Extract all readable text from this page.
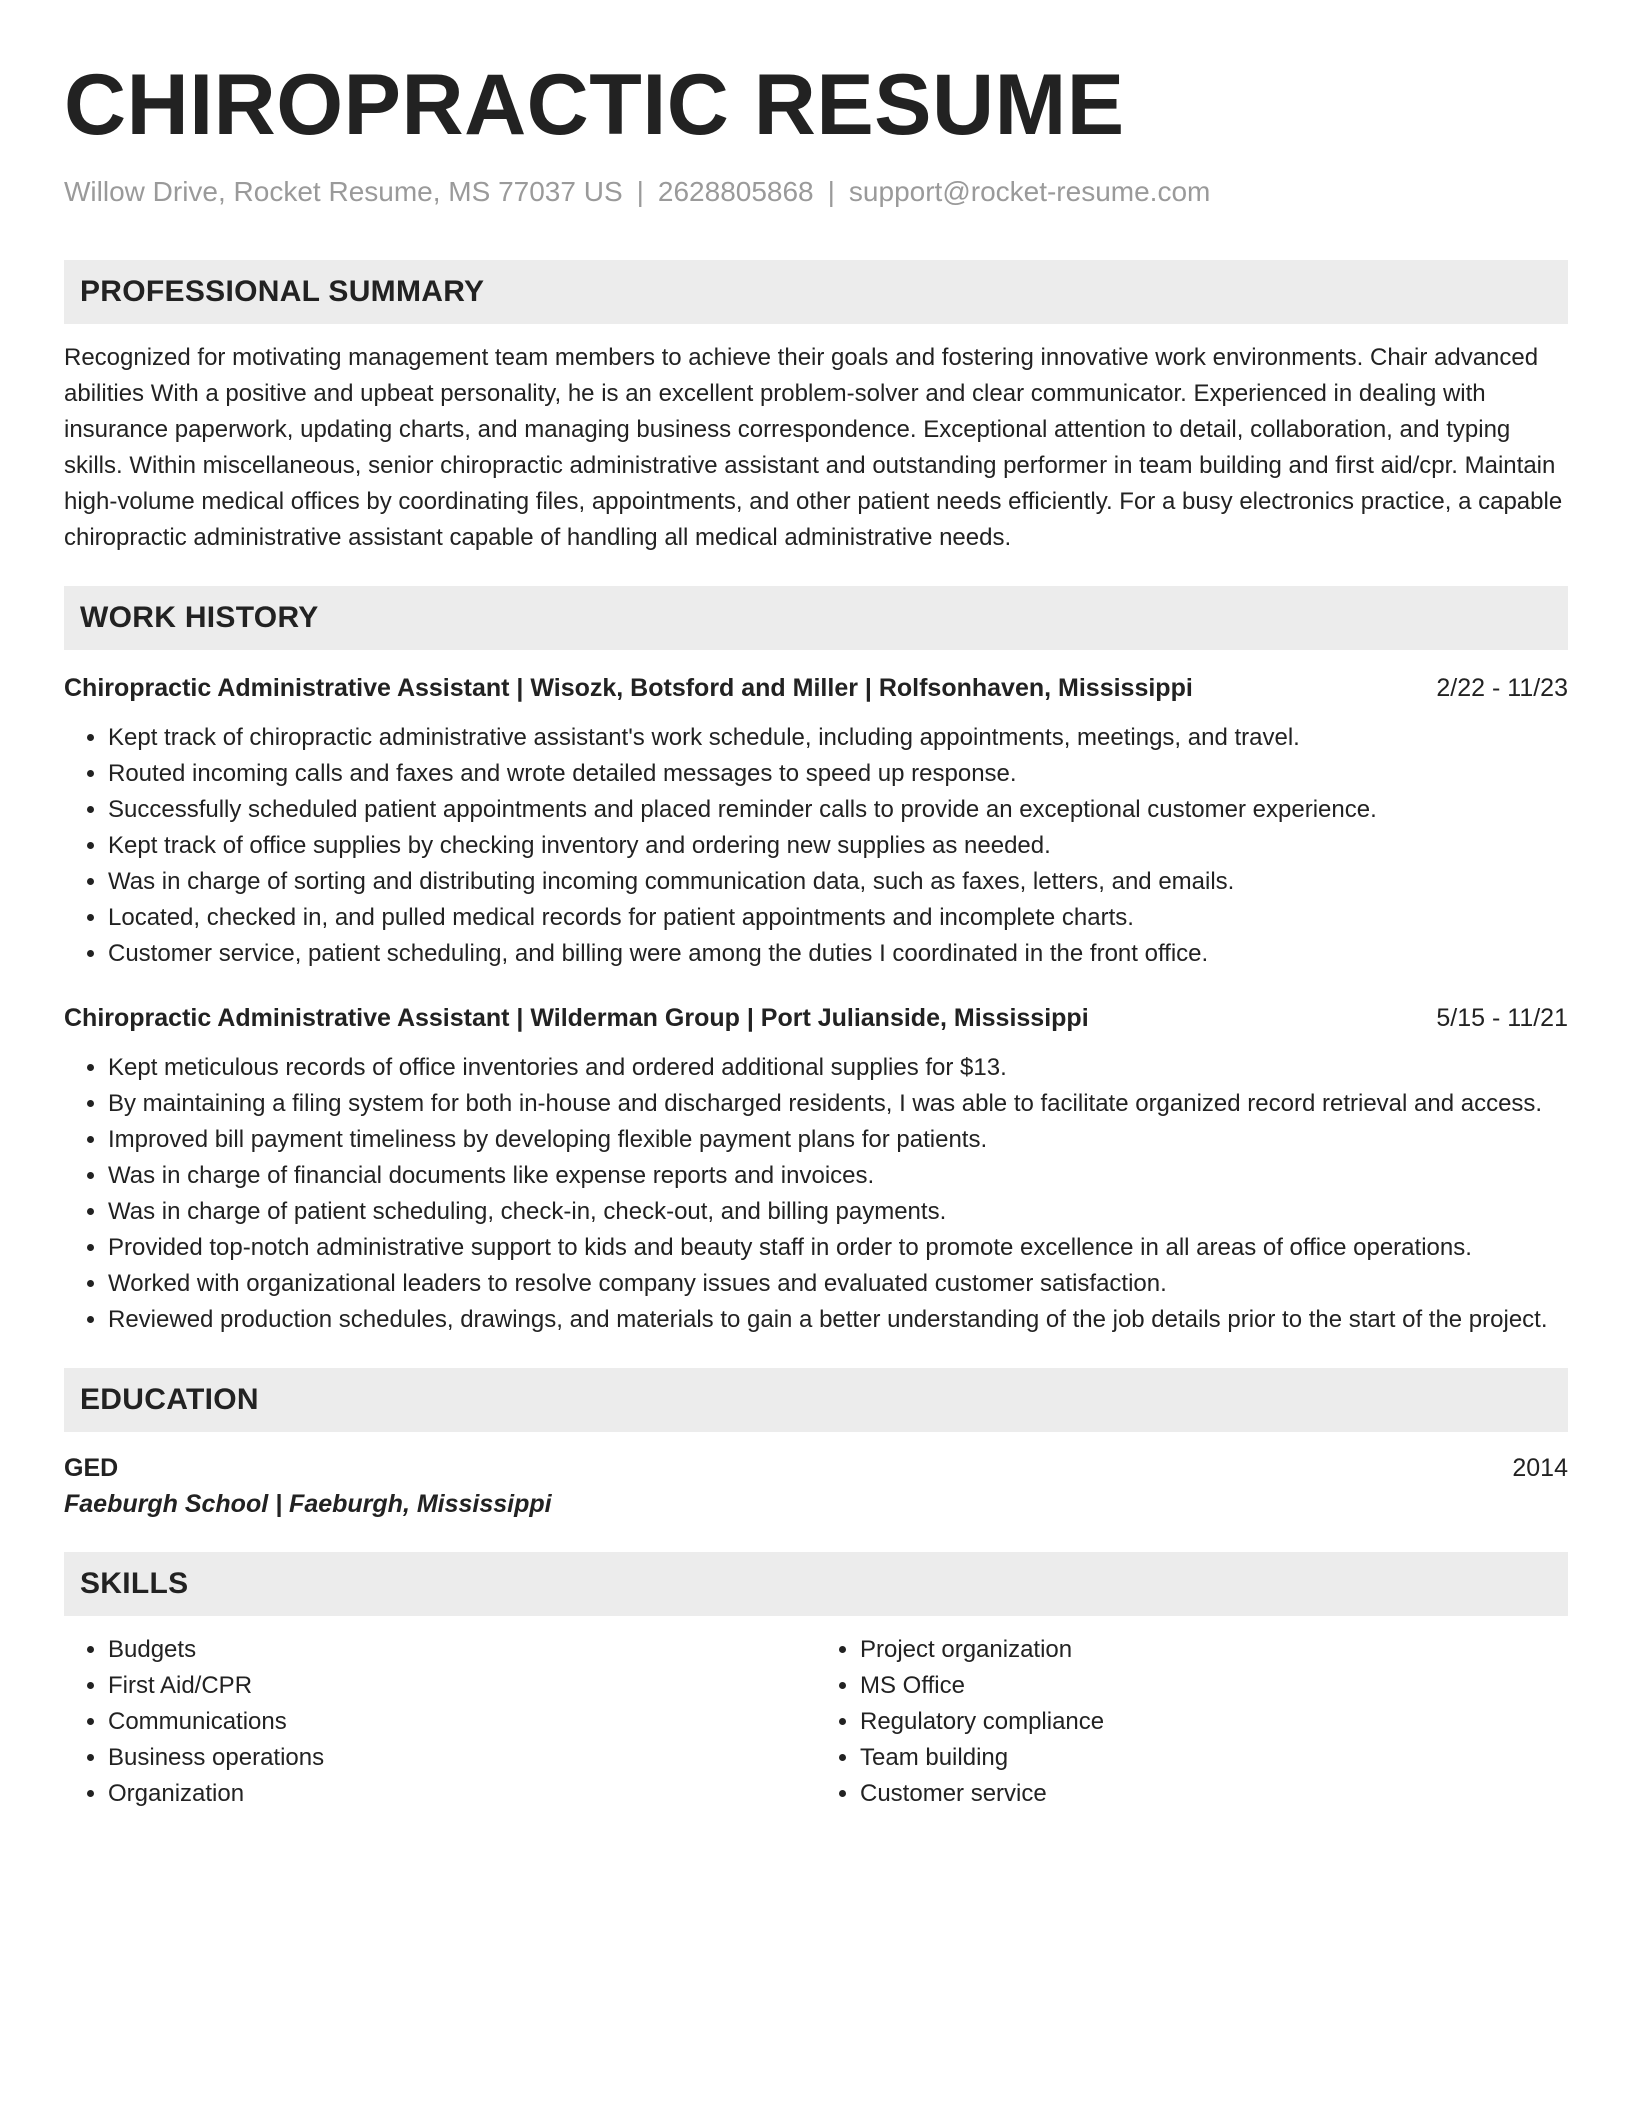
CHIROPRACTIC RESUME
Willow Drive, Rocket Resume, MS 77037 US | 2628805868 | support@rocket-resume.com
PROFESSIONAL SUMMARY
Recognized for motivating management team members to achieve their goals and fostering innovative work environments. Chair advanced abilities With a positive and upbeat personality, he is an excellent problem-solver and clear communicator. Experienced in dealing with insurance paperwork, updating charts, and managing business correspondence. Exceptional attention to detail, collaboration, and typing skills. Within miscellaneous, senior chiropractic administrative assistant and outstanding performer in team building and first aid/cpr. Maintain high-volume medical offices by coordinating files, appointments, and other patient needs efficiently. For a busy electronics practice, a capable chiropractic administrative assistant capable of handling all medical administrative needs.
WORK HISTORY
Chiropractic Administrative Assistant | Wisozk, Botsford and Miller | Rolfsonhaven, Mississippi	2/22 - 11/23
• Kept track of chiropractic administrative assistant's work schedule, including appointments, meetings, and travel.
• Routed incoming calls and faxes and wrote detailed messages to speed up response.
• Successfully scheduled patient appointments and placed reminder calls to provide an exceptional customer experience.
• Kept track of office supplies by checking inventory and ordering new supplies as needed.
• Was in charge of sorting and distributing incoming communication data, such as faxes, letters, and emails.
• Located, checked in, and pulled medical records for patient appointments and incomplete charts.
• Customer service, patient scheduling, and billing were among the duties I coordinated in the front office.
Chiropractic Administrative Assistant | Wilderman Group | Port Julianside, Mississippi	5/15 - 11/21
• Kept meticulous records of office inventories and ordered additional supplies for $13.
• By maintaining a filing system for both in-house and discharged residents, I was able to facilitate organized record retrieval and access.
• Improved bill payment timeliness by developing flexible payment plans for patients.
• Was in charge of financial documents like expense reports and invoices.
• Was in charge of patient scheduling, check-in, check-out, and billing payments.
• Provided top-notch administrative support to kids and beauty staff in order to promote excellence in all areas of office operations.
• Worked with organizational leaders to resolve company issues and evaluated customer satisfaction.
• Reviewed production schedules, drawings, and materials to gain a better understanding of the job details prior to the start of the project.
EDUCATION
GED	2014
Faeburgh School | Faeburgh, Mississippi
SKILLS
• Budgets
• First Aid/CPR
• Communications
• Business operations
• Organization
• Project organization
• MS Office
• Regulatory compliance
• Team building
• Customer service
